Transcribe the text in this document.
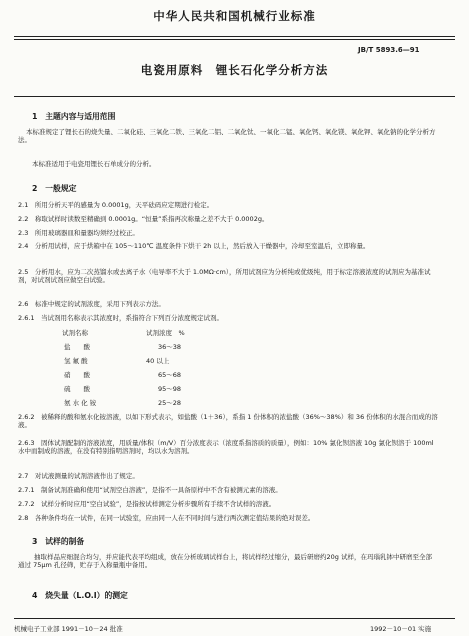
中华人民共和国机械行业标准
JB/T 5893.6—91
电瓷用原料　锂长石化学分析方法
1　主题内容与适用范围
本标准规定了锂长石的烧失量、二氧化硅、三氧化二铁、三氧化二铝、二氧化钛、一氧化二锰、氧化钙、氧化镁、氧化钾、氧化钠的化学分析方法。
本标准适用于电瓷用锂长石单成分的分析。
2　一般规定
2.1　 所用分析天平的感量为 0.0001g，天平砝码应定期进行检定。
2.2　 称取试样时读数至精确到 0.0001g。“恒量”系指再次称量之差不大于 0.0002g。
2.3　 所用玻璃器皿和量器均须经过校正。
2.4　 分析用试样，应于烘箱中在 105～110℃ 温度条件下烘干 2h 以上，然后放入干燥器中，冷却至室温后，立即称量。
2.5　 分析用水，应为二次蒸馏水或去离子水（电导率不大于 1.0MΩ·cm），所用试剂应为分析纯或优级纯，用于标定溶液浓度的试剂应为基准试剂，对试剂试剂应做空白试验。
2.6　 标准中规定的试剂浓度，采用下列表示方法。
2.6.1　 当试剂用名称表示其浓度时，系指符合下列百分浓度规定试剂。
试剂名称	试剂浓度　%
盐　　酸	36～38
氢 氟 酸	40 以上
硝　　酸	65～68
硫　　酸	95～98
氨 水 化 铵	25～28
2.6.2　 被稀释的酸和氨水化铵溶液，以如下形式表示，如盐酸（1＋36），系指 1 份体积的浓盐酸（36%～38%）和 36 份体积的水混合而成的溶液。
2.6.3　 固体试剂配制的溶液浓度，用质量/体积（m/V）百分浓度表示（浓度系指溶质的质量），例如：10% 氯化钡溶液 10g 氯化钡溶于 100ml 水中而制成的溶液，在没有特别指明溶剂时，均以水为溶剂。
2.7　 对试液测量的试剂溶液作出了规定。
2.7.1　 制备试剂准确和使用“试剂空白溶液”，是指不一具备原样中不含有被测元素的溶液。
2.7.2　 试样分析时应用“空白试验”，是指按试样测定分析步骤所有手续不含试样的溶液。
2.8　 各种条件均在一试件，在同一试验室，应由同一人在不同时间与进行两次测定值结果的绝对误差。
3　试样的制备
抽取样品应细混合均匀，并应能代表平均组成，放在分析玻璃试样台上，将试样经过缩分，最后研磨约20g 试样，在玛瑙乳钵中研磨至全部通过 75μm 孔径筛，贮存于入称量瓶中备用。
4　烧失量（L.O.I）的测定
机械电子工业部 1991－10－24 批准	1992－10－01 实施
